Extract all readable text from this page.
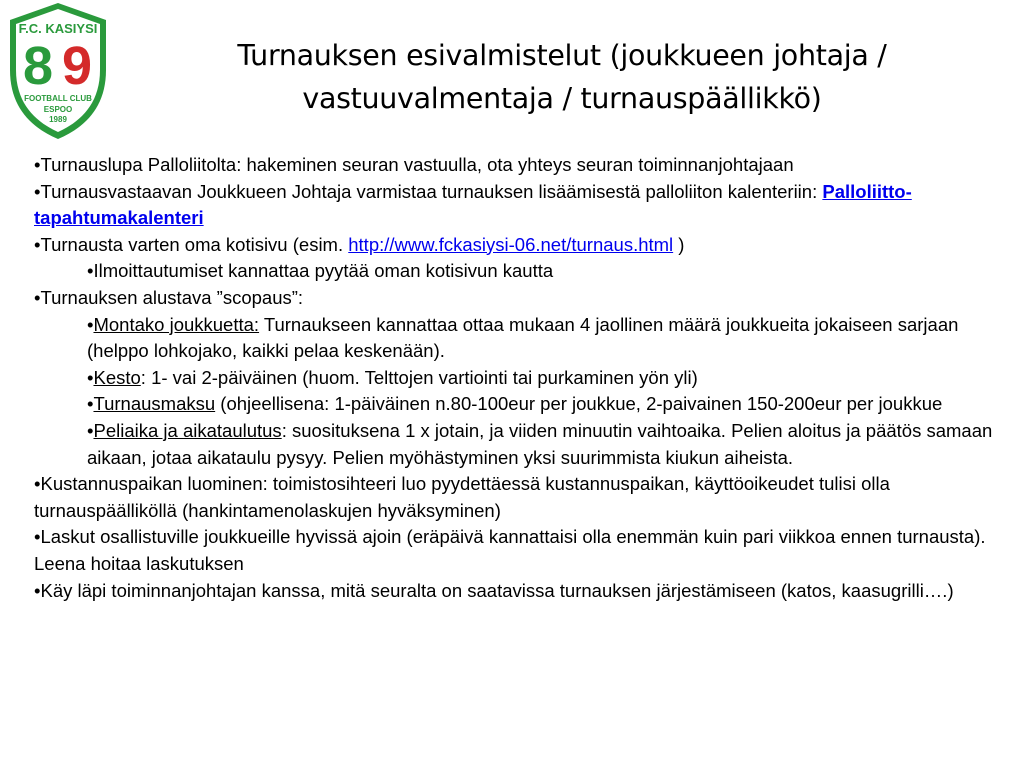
F.C. KASIYSI
8 9
FOOTBALL CLUB
ESPOO
1989
Turnauksen esivalmistelut (joukkueen johtaja / vastuuvalmentaja / turnauspäällikkö)

•Turnauslupa Palloliitolta: hakeminen seuran vastuulla, ota yhteys seuran toiminnanjohtajaan

•Turnausvastaavan Joukkueen Johtaja varmistaa turnauksen lisäämisestä palloliiton kalenteriin: Palloliitto-tapahtumakalenteri

•Turnausta varten oma kotisivu (esim. http://www.fckasiysi-06.net/turnaus.html )

•Ilmoittautumiset kannattaa pyytää oman kotisivun kautta

•Turnauksen alustava ”scopaus”:

•Montako joukkuetta: Turnaukseen kannattaa ottaa mukaan 4 jaollinen määrä joukkueita jokaiseen sarjaan (helppo lohkojako, kaikki pelaa keskenään).

•Kesto: 1- vai 2-päiväinen (huom. Telttojen vartiointi tai purkaminen yön yli)

•Turnausmaksu (ohjeellisena: 1-päiväinen n.80-100eur per joukkue, 2-paivainen 150-200eur per joukkue

•Peliaika ja aikataulutus: suosituksena 1 x jotain, ja viiden minuutin vaihtoaika. Pelien aloitus ja päätös samaan aikaan, jotaa aikataulu pysyy. Pelien myöhästyminen yksi suurimmista kiukun aiheista.

•Kustannuspaikan luominen: toimistosihteeri luo pyydettäessä kustannuspaikan, käyttöoikeudet tulisi olla turnauspäälliköllä (hankintamenolaskujen hyväksyminen)

•Laskut osallistuville joukkueille hyvissä ajoin (eräpäivä kannattaisi olla enemmän kuin pari viikkoa ennen turnausta). Leena hoitaa laskutuksen

•Käy läpi toiminnanjohtajan kanssa, mitä seuralta on saatavissa turnauksen järjestämiseen (katos, kaasugrilli….)
